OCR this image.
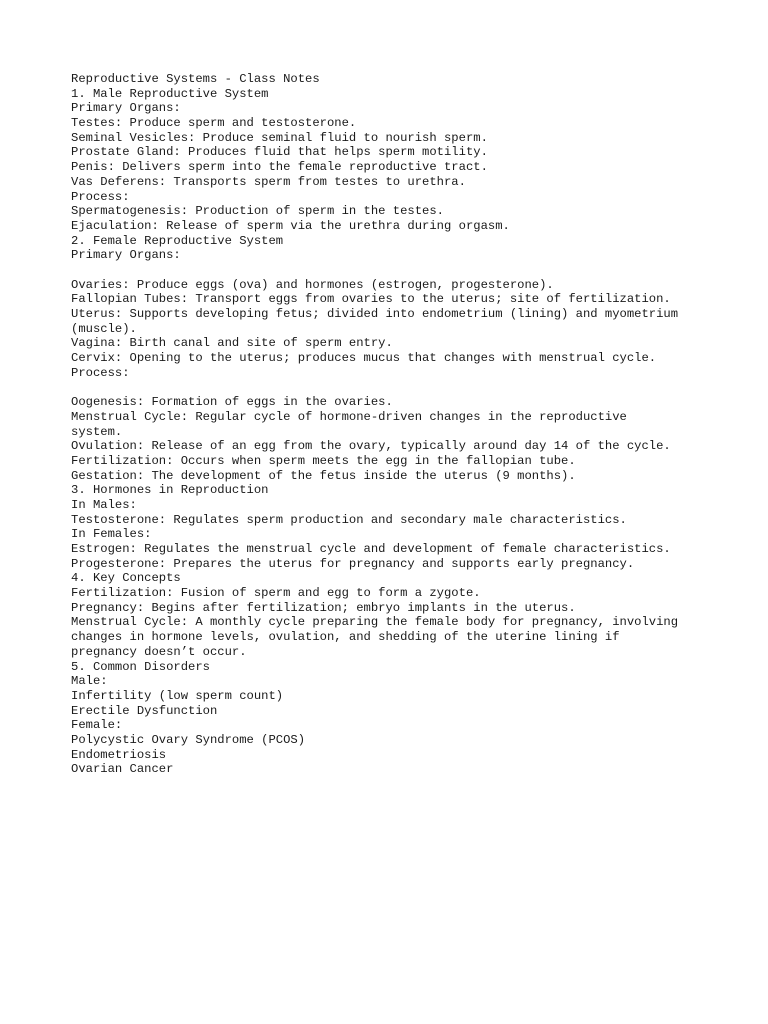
Reproductive Systems - Class Notes
1. Male Reproductive System
Primary Organs:
Testes: Produce sperm and testosterone.
Seminal Vesicles: Produce seminal fluid to nourish sperm.
Prostate Gland: Produces fluid that helps sperm motility.
Penis: Delivers sperm into the female reproductive tract.
Vas Deferens: Transports sperm from testes to urethra.
Process:
Spermatogenesis: Production of sperm in the testes.
Ejaculation: Release of sperm via the urethra during orgasm.
2. Female Reproductive System
Primary Organs:
Ovaries: Produce eggs (ova) and hormones (estrogen, progesterone).
Fallopian Tubes: Transport eggs from ovaries to the uterus; site of fertilization.
Uterus: Supports developing fetus; divided into endometrium (lining) and myometrium
(muscle).
Vagina: Birth canal and site of sperm entry.
Cervix: Opening to the uterus; produces mucus that changes with menstrual cycle.
Process:
Oogenesis: Formation of eggs in the ovaries.
Menstrual Cycle: Regular cycle of hormone-driven changes in the reproductive
system.
Ovulation: Release of an egg from the ovary, typically around day 14 of the cycle.
Fertilization: Occurs when sperm meets the egg in the fallopian tube.
Gestation: The development of the fetus inside the uterus (9 months).
3. Hormones in Reproduction
In Males:
Testosterone: Regulates sperm production and secondary male characteristics.
In Females:
Estrogen: Regulates the menstrual cycle and development of female characteristics.
Progesterone: Prepares the uterus for pregnancy and supports early pregnancy.
4. Key Concepts
Fertilization: Fusion of sperm and egg to form a zygote.
Pregnancy: Begins after fertilization; embryo implants in the uterus.
Menstrual Cycle: A monthly cycle preparing the female body for pregnancy, involving
changes in hormone levels, ovulation, and shedding of the uterine lining if
pregnancy doesn’t occur.
5. Common Disorders
Male:
Infertility (low sperm count)
Erectile Dysfunction
Female:
Polycystic Ovary Syndrome (PCOS)
Endometriosis
Ovarian Cancer
